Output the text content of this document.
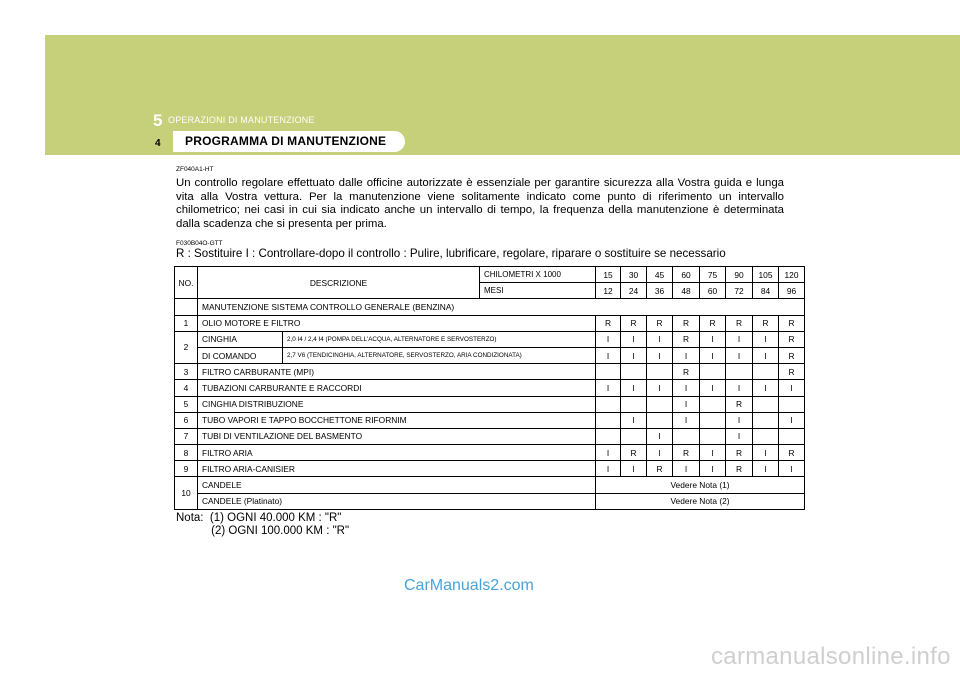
5 OPERAZIONI DI MANUTENZIONE
PROGRAMMA DI MANUTENZIONE
4
ZF040A1-HT
Un controllo regolare effettuato dalle officine autorizzate è essenziale per garantire sicurezza alla Vostra guida e lunga vita alla Vostra vettura. Per la manutenzione viene solitamente indicato come punto di riferimento un intervallo chilometrico; nei casi in cui sia indicato anche un intervallo di tempo, la frequenza della manutenzione è determinata dalla scadenza che si presenta per prima.
F030B04O-GTT
R : Sostituire I : Controllare-dopo il controllo : Pulire, lubrificare, regolare, riparare o sostituire se necessario
NO.	DESCRIZIONE		CHILOMETRI X 1000	15	30	45	60	75	90	105	120
			MESI	12	24	36	48	60	72	84	96
	MANUTENZIONE SISTEMA CONTROLLO GENERALE (BENZINA)										
1	OLIO MOTORE E FILTRO			R	R	R	R	R	R	R	R
2	CINGHIA	2,0 I4 / 2,4 I4 (POMPA DELL'ACQUA, ALTERNATORE E SERVOSTERZO)		I	I	I	R	I	I	I	R
	DI COMANDO	2,7 V6 (TENDICINGHIA, ALTERNATORE, SERVOSTERZO, ARIA CONDIZIONATA)		I	I	I	I	I	I	I	R
3	FILTRO CARBURANTE (MPI)						R				R
4	TUBAZIONI CARBURANTE E RACCORDI			I	I	I	I	I	I	I	I
5	CINGHIA DISTRIBUZIONE						I		R		
6	TUBO VAPORI E TAPPO BOCCHETTONE RIFORNIM				I		I		I		I
7	TUBI DI VENTILAZIONE DEL BASMENTO					I			I		
8	FILTRO ARIA			I	R	I	R	I	R	I	R
9	FILTRO ARIA-CANISIER			I	I	R	I	I	R	I	I
10	CANDELE			Vedere Nota (1)							
	CANDELE (Platinato)			Vedere Nota (2)							
Nota:  (1) OGNI 40.000 KM : "R"
(2) OGNI 100.000 KM : "R"
CarManuals2.com
carmanualsonline.info
